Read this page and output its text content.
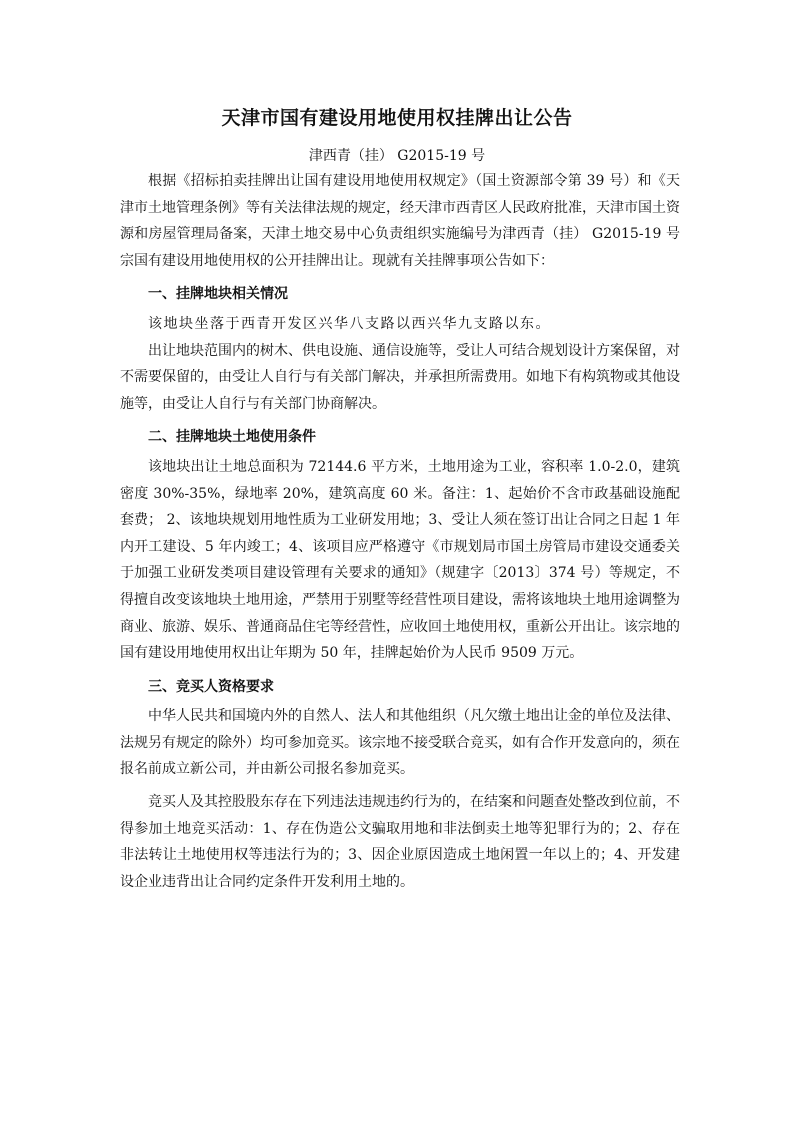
天津市国有建设用地使用权挂牌出让公告
津西青（挂） G2015-19 号

根据《招标拍卖挂牌出让国有建设用地使用权规定》（国土资源部令第 39 号）和《天津市土地管理条例》等有关法律法规的规定，经天津市西青区人民政府批准，天津市国土资源和房屋管理局备案，天津土地交易中心负责组织实施编号为津西青（挂） G2015-19 号宗国有建设用地使用权的公开挂牌出让。现就有关挂牌事项公告如下：

一、挂牌地块相关情况

该地块坐落于西青开发区兴华八支路以西兴华九支路以东。

出让地块范围内的树木、供电设施、通信设施等，受让人可结合规划设计方案保留，对不需要保留的，由受让人自行与有关部门解决，并承担所需费用。如地下有构筑物或其他设施等，由受让人自行与有关部门协商解决。

二、挂牌地块土地使用条件

该地块出让土地总面积为 72144.6 平方米，土地用途为工业，容积率 1.0-2.0，建筑密度 30%-35%，绿地率 20%，建筑高度 60 米。备注：1、起始价不含市政基础设施配套费； 2、该地块规划用地性质为工业研发用地；3、受让人须在签订出让合同之日起 1 年内开工建设、5 年内竣工；4、该项目应严格遵守《市规划局市国土房管局市建设交通委关于加强工业研发类项目建设管理有关要求的通知》（规建字〔2013〕374 号）等规定，不得擅自改变该地块土地用途，严禁用于别墅等经营性项目建设，需将该地块土地用途调整为商业、旅游、娱乐、普通商品住宅等经营性，应收回土地使用权，重新公开出让。该宗地的国有建设用地使用权出让年期为 50 年，挂牌起始价为人民币 9509 万元。

三、竞买人资格要求

中华人民共和国境内外的自然人、法人和其他组织（凡欠缴土地出让金的单位及法律、法规另有规定的除外）均可参加竞买。该宗地不接受联合竞买，如有合作开发意向的，须在报名前成立新公司，并由新公司报名参加竞买。

竞买人及其控股股东存在下列违法违规违约行为的，在结案和问题查处整改到位前，不得参加土地竞买活动：1、存在伪造公文骗取用地和非法倒卖土地等犯罪行为的；2、存在非法转让土地使用权等违法行为的；3、因企业原因造成土地闲置一年以上的；4、开发建设企业违背出让合同约定条件开发利用土地的。
